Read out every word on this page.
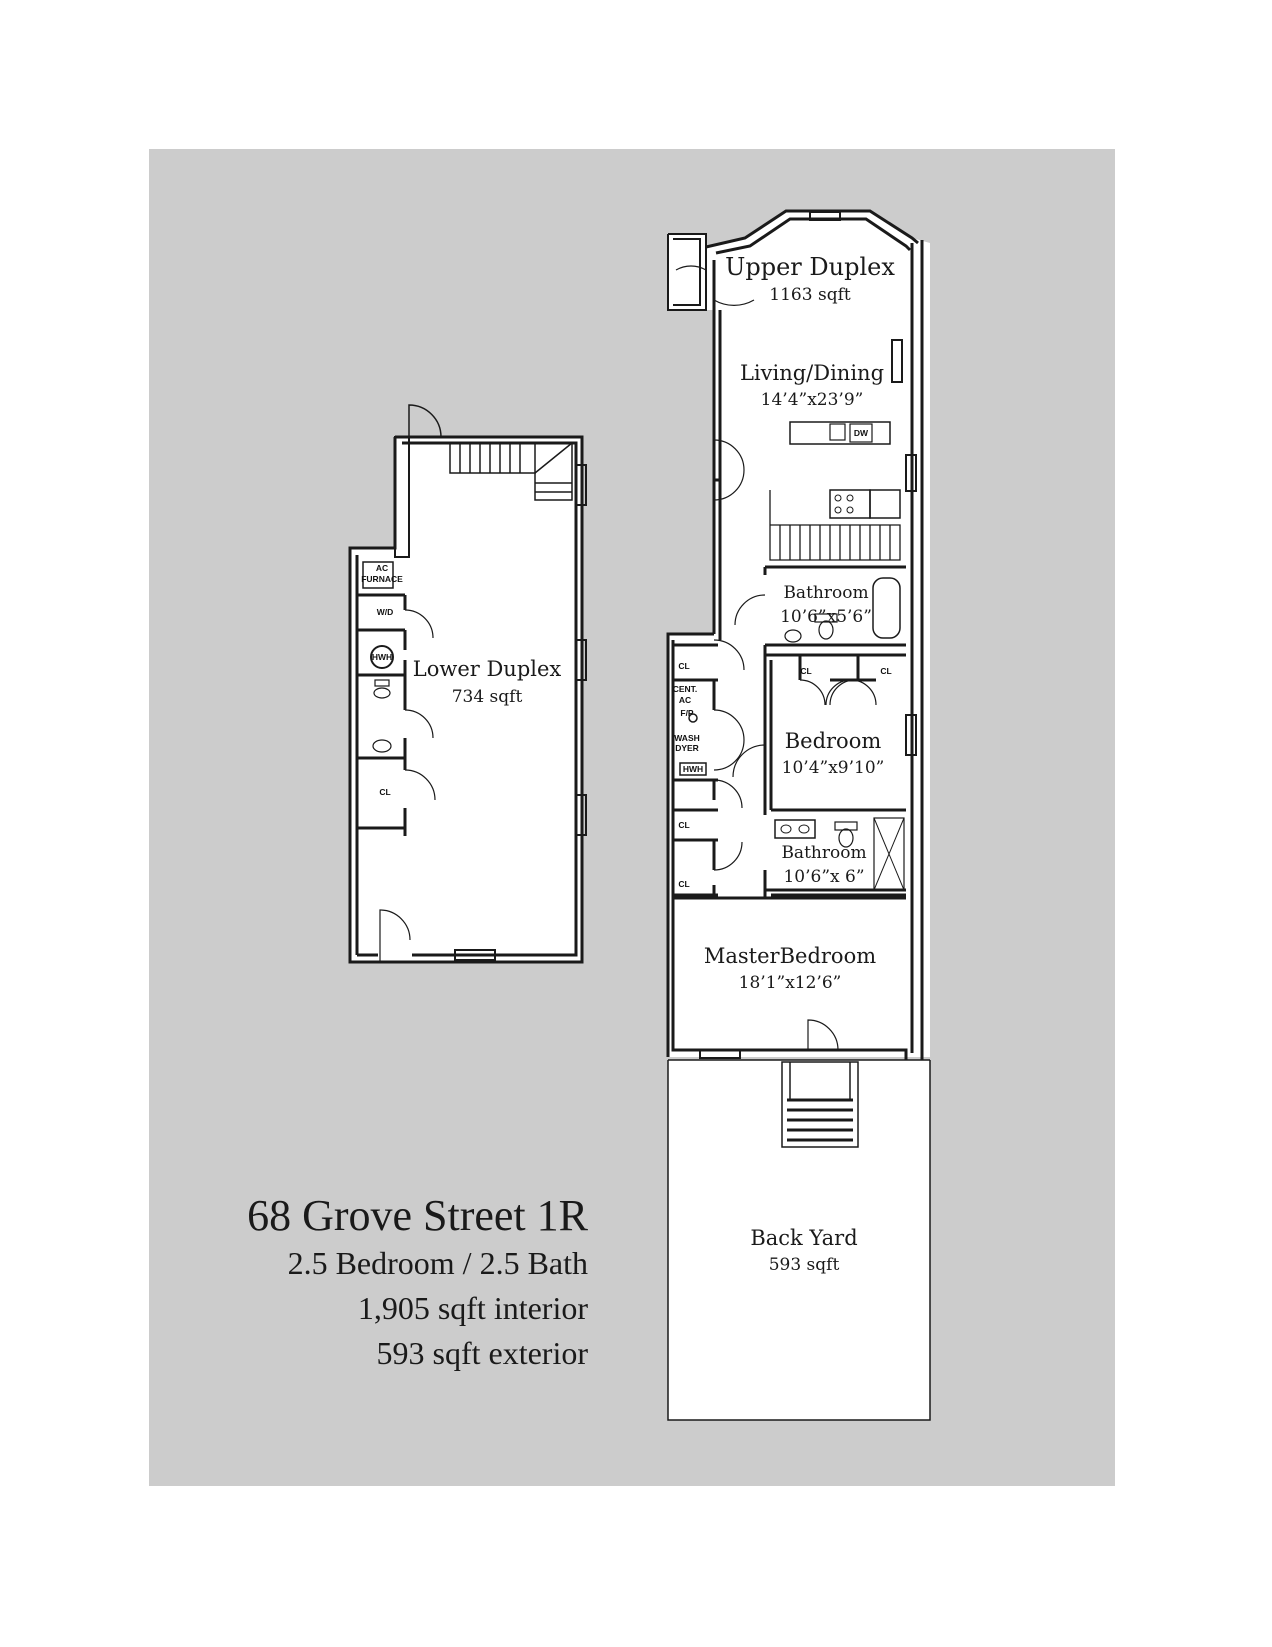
AC
FURNACE
W/D
HWH
CL
Lower Duplex
734 sqft
DW
CL	CL	CL
CL
CL
CENT.
AC
F/P
WASH
DYER
HWH
Upper Duplex
1163 sqft
Living/Dining
14’4”x23’9”
Bathroom
10’6”x5’6”
Bedroom
10’4”x9’10”
Bathroom
10’6”x 6”
MasterBedroom
18’1”x12’6”
Back Yard
593 sqft
68 Grove Street 1R
2.5 Bedroom / 2.5 Bath
1,905 sqft interior
593 sqft exterior
